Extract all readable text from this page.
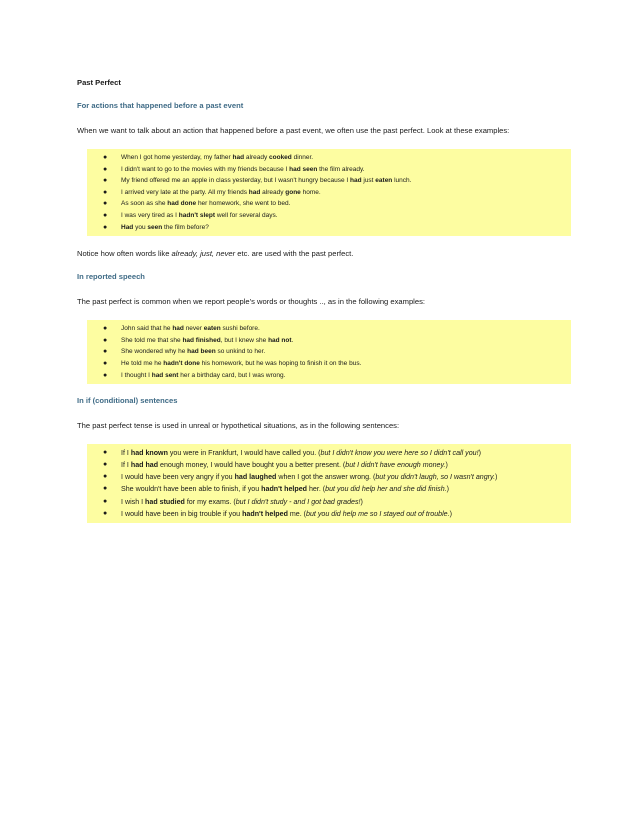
Past Perfect
For actions that happened before a past event
When we want to talk about an action that happened before a past event, we often use the past perfect. Look at these examples:
● When I got home yesterday, my father had already cooked dinner.
● I didn't want to go to the movies with my friends because I had seen the film already.
● My friend offered me an apple in class yesterday, but I wasn't hungry because I had just eaten lunch.
● I arrived very late at the party. All my friends had already gone home.
● As soon as she had done her homework, she went to bed.
● I was very tired as I hadn't slept well for several days.
● Had you seen the film before?
Notice how often words like already, just, never etc. are used with the past perfect.
In reported speech
The past perfect is common when we report people's words or thoughts .., as in the following examples:
● John said that he had never eaten sushi before.
● She told me that she had finished, but I knew she had not.
● She wondered why he had been so unkind to her.
● He told me he hadn't done his homework, but he was hoping to finish it on the bus.
● I thought I had sent her a birthday card, but I was wrong.
In if (conditional) sentences
The past perfect tense is used in unreal or hypothetical situations, as in the following sentences:
● If I had known you were in Frankfurt, I would have called you. (but I didn't know you were here so I didn't call you!)
● If I had had enough money, I would have bought you a better present. (but I didn't have enough money.)
● I would have been very angry if you had laughed when I got the answer wrong. (but you didn't laugh, so I wasn't angry.)
● She wouldn't have been able to finish, if you hadn't helped her. (but you did help her and she did finish.)
● I wish I had studied for my exams. (but I didn't study - and I got bad grades!)
● I would have been in big trouble if you hadn't helped me. (but you did help me so I stayed out of trouble.)
